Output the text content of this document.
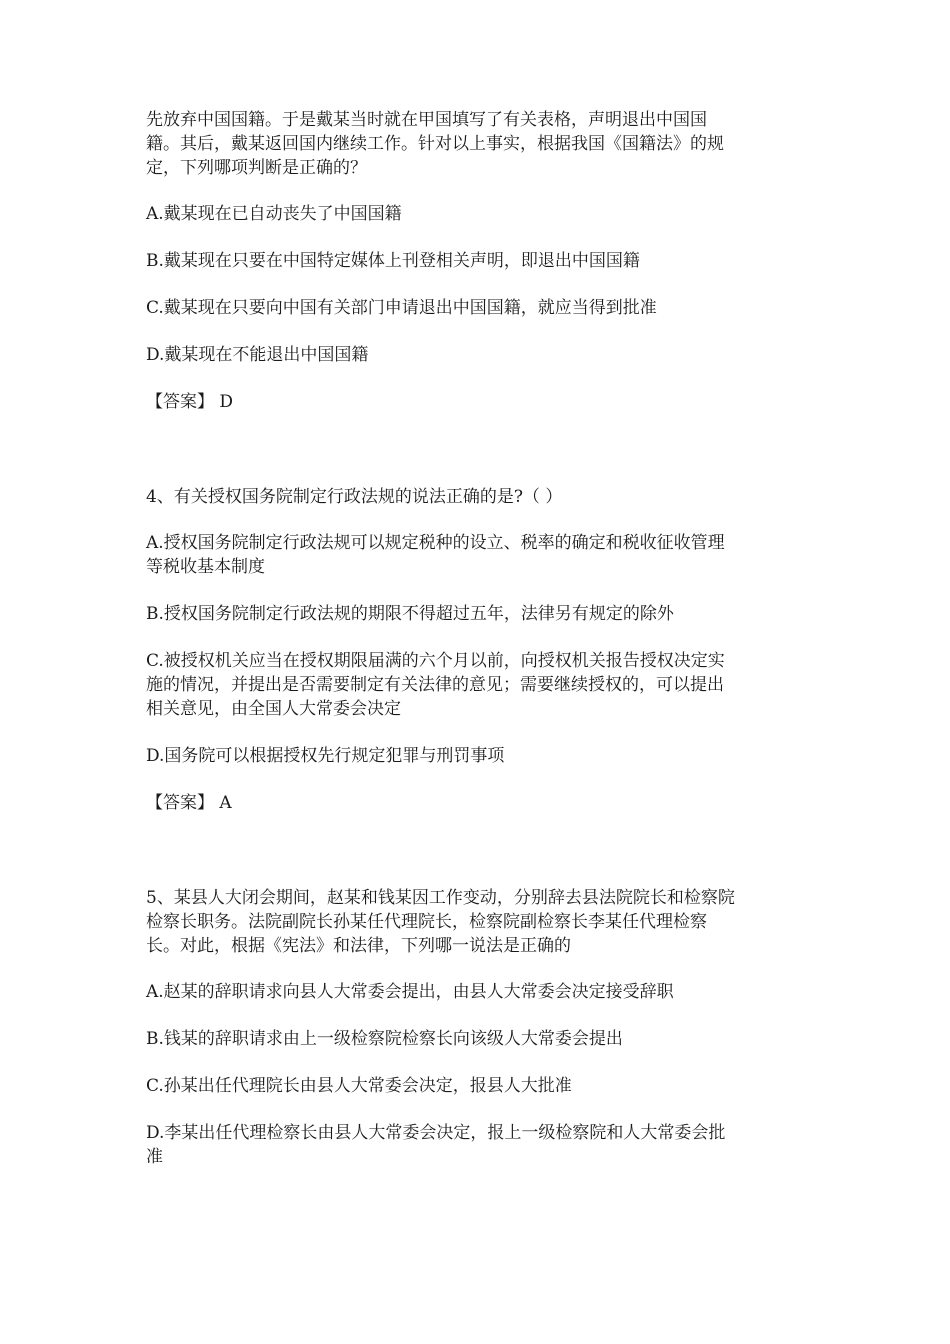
先放弃中国国籍。于是戴某当时就在甲国填写了有关表格，声明退出中国国

籍。其后，戴某返回国内继续工作。针对以上事实，根据我国《国籍法》的规

定，下列哪项判断是正确的？

A.戴某现在已自动丧失了中国国籍

B.戴某现在只要在中国特定媒体上刊登相关声明，即退出中国国籍

C.戴某现在只要向中国有关部门申请退出中国国籍，就应当得到批准

D.戴某现在不能退出中国国籍

【答案】 D

4、有关授权国务院制定行政法规的说法正确的是?（ ）

A.授权国务院制定行政法规可以规定税种的设立、税率的确定和税收征收管理

等税收基本制度

B.授权国务院制定行政法规的期限不得超过五年，法律另有规定的除外

C.被授权机关应当在授权期限届满的六个月以前，向授权机关报告授权决定实

施的情况，并提出是否需要制定有关法律的意见；需要继续授权的，可以提出

相关意见，由全国人大常委会决定

D.国务院可以根据授权先行规定犯罪与刑罚事项

【答案】 A

5、某县人大闭会期间，赵某和钱某因工作变动，分别辞去县法院院长和检察院

检察长职务。法院副院长孙某任代理院长，检察院副检察长李某任代理检察

长。对此，根据《宪法》和法律，下列哪一说法是正确的

A.赵某的辞职请求向县人大常委会提出，由县人大常委会决定接受辞职

B.钱某的辞职请求由上一级检察院检察长向该级人大常委会提出

C.孙某出任代理院长由县人大常委会决定，报县人大批准

D.李某出任代理检察长由县人大常委会决定，报上一级检察院和人大常委会批

准
